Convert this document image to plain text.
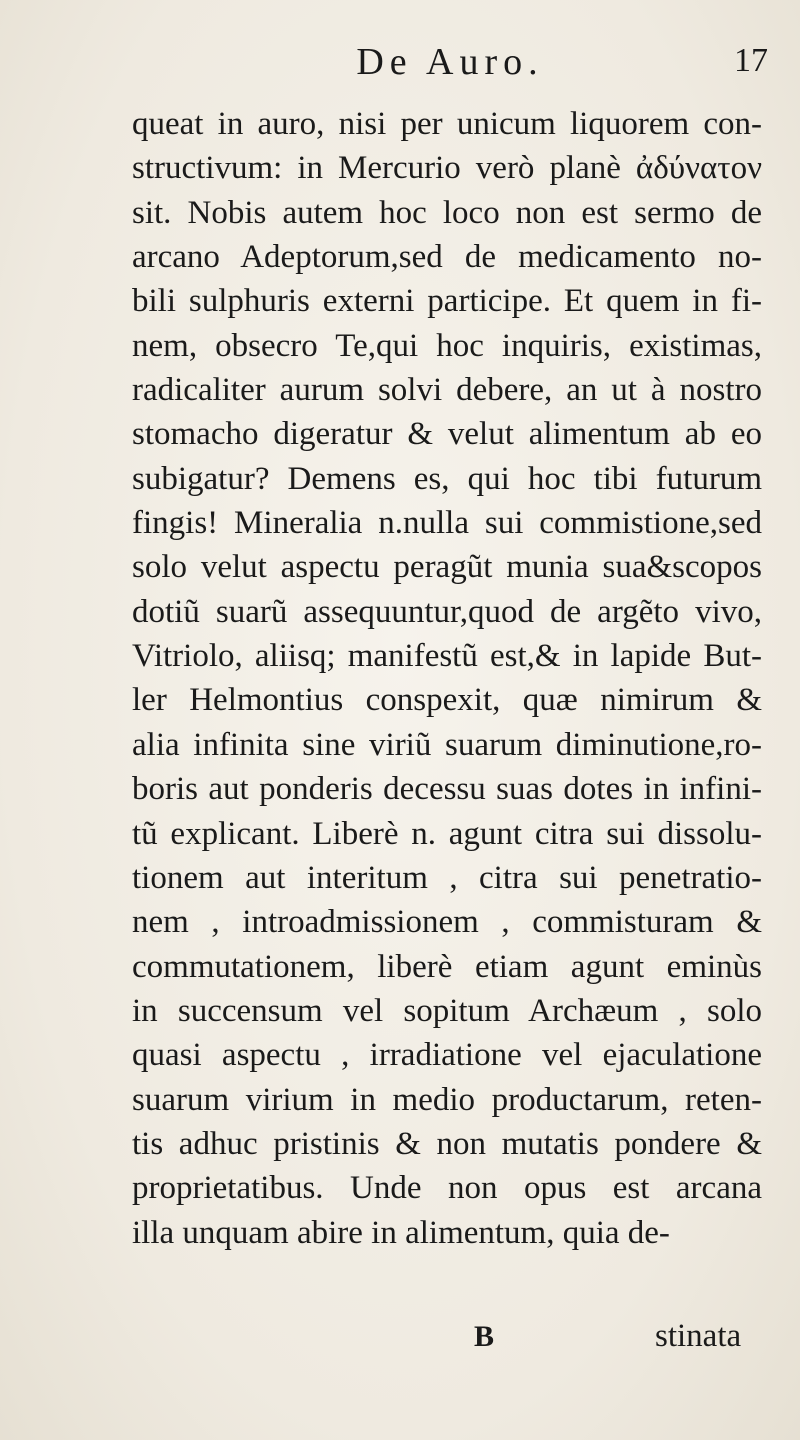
De Auro.	17
queat in auro, nisi per unicum liquorem con-
structivum: in Mercurio verò planè ἀδύνατον
sit. Nobis autem hoc loco non est sermo de
arcano Adeptorum,sed de medicamento no-
bili sulphuris externi participe. Et quem in fi-
nem, obsecro Te,qui hoc inquiris, existimas,
radicaliter aurum solvi debere, an ut à nostro
stomacho digeratur & velut alimentum ab eo
subigatur? Demens es, qui hoc tibi futurum
fingis! Mineralia n.nulla sui commistione,sed
solo velut aspectu peragũt munia sua&scopos
dotiũ suarũ assequuntur,quod de argẽto vivo,
Vitriolo, aliisq; manifestũ est,& in lapide But-
ler Helmontius conspexit, quæ nimirum &
alia infinita sine viriũ suarum diminutione,ro-
boris aut ponderis decessu suas dotes in infini-
tũ explicant. Liberè n. agunt citra sui dissolu-
tionem aut interitum , citra sui penetratio-
nem , introadmissionem , commisturam &
commutationem, liberè etiam agunt eminùs
in succensum vel sopitum Archæum , solo
quasi aspectu , irradiatione vel ejaculatione
suarum virium in medio productarum, reten-
tis adhuc pristinis & non mutatis pondere &
proprietatibus. Unde non opus est arcana
illa unquam abire in alimentum, quia de-
B	stinata
